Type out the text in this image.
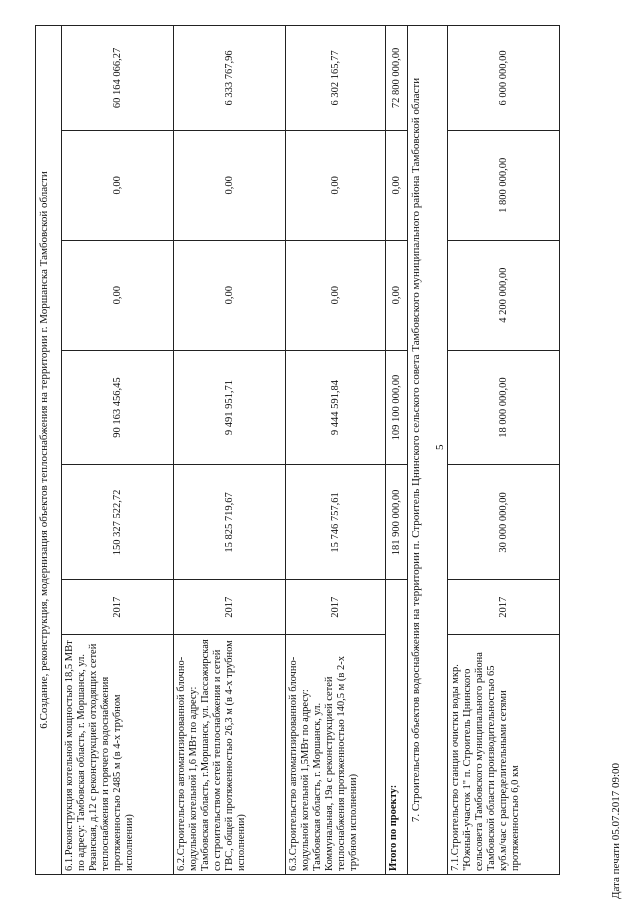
5
6.Создание, реконструкция, модернизация объектов теплоснабжения на территории г. Моршанска Тамбовской области						
6.1.Реконструкция котельной мощностью 18,5 МВт по адресу: Тамбовская область, г. Моршанск, ул. Рязанская, д.12 с реконструкцией отходящих сетей теплоснабжения и горячего водоснабжения протяженностью 2485 м (в 4-х трубном исполнении)	2017	150 327 522,72	90 163 456,45	0,00	0,00	60 164 066,27
6.2.Строительство автоматизированной блочно-модульной котельной 1,6 МВт по адресу: Тамбовская область, г.Моршанск, ул. Пассажирская со строительством сетей теплоснабжения и сетей ГВС, общей протяженностью 26,3 м (в 4-х трубном исполнении)	2017	15 825 719,67	9 491 951,71	0,00	0,00	6 333 767,96
6.3.Строительство автоматизированной блочно-модульной котельной 1,5МВт по адресу: Тамбовская область, г. Моршанск, ул. Коммунальная, 19а с реконструкцией сетей теплоснабжения протяженностью 140,5 м (в 2-х трубном исполнении)	2017	15 746 757,61	9 444 591,84	0,00	0,00	6 302 165,77
Итого по проекту:		181 900 000,00	109 100 000,00	0,00	0,00	72 800 000,00
7. Строительство объектов водоснабжения на территории п. Строитель Цнинского сельского совета Тамбовского муниципального района Тамбовской области						
7.1.Строительство станции очистки воды мкр. "Южный-участок 1" п. Строитель Цнинского сельсовета Тамбовского муниципального района Тамбовской области производительностью 65 куб.м/час с распределительными сетями протяженностью 6,0 км	2017	30 000 000,00	18 000 000,00	4 200 000,00	1 800 000,00	6 000 000,00
Дата печати 05.07.2017 09:00
